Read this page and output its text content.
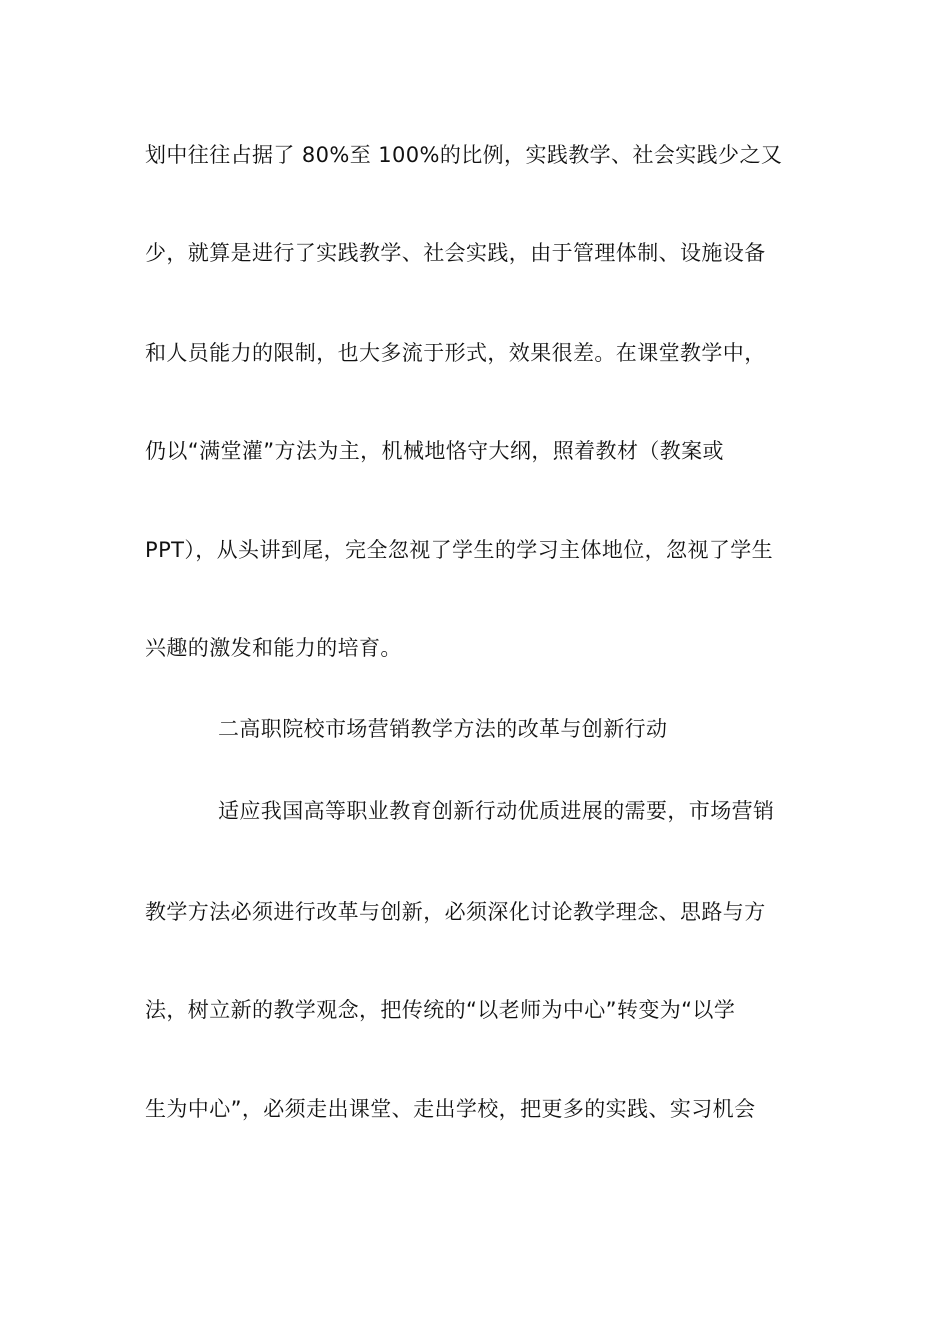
划中往往占据了 80%至 100%的比例，实践教学、社会实践少之又
少，就算是进行了实践教学、社会实践，由于管理体制、设施设备
和人员能力的限制，也大多流于形式，效果很差。在课堂教学中，
仍以“满堂灌”方法为主，机械地恪守大纲，照着教材（教案或
PPT），从头讲到尾，完全忽视了学生的学习主体地位，忽视了学生
兴趣的激发和能力的培育。
二高职院校市场营销教学方法的改革与创新行动
适应我国高等职业教育创新行动优质进展的需要，市场营销
教学方法必须进行改革与创新，必须深化讨论教学理念、思路与方
法，树立新的教学观念，把传统的“以老师为中心”转变为“以学
生为中心”，必须走出课堂、走出学校，把更多的实践、实习机会
